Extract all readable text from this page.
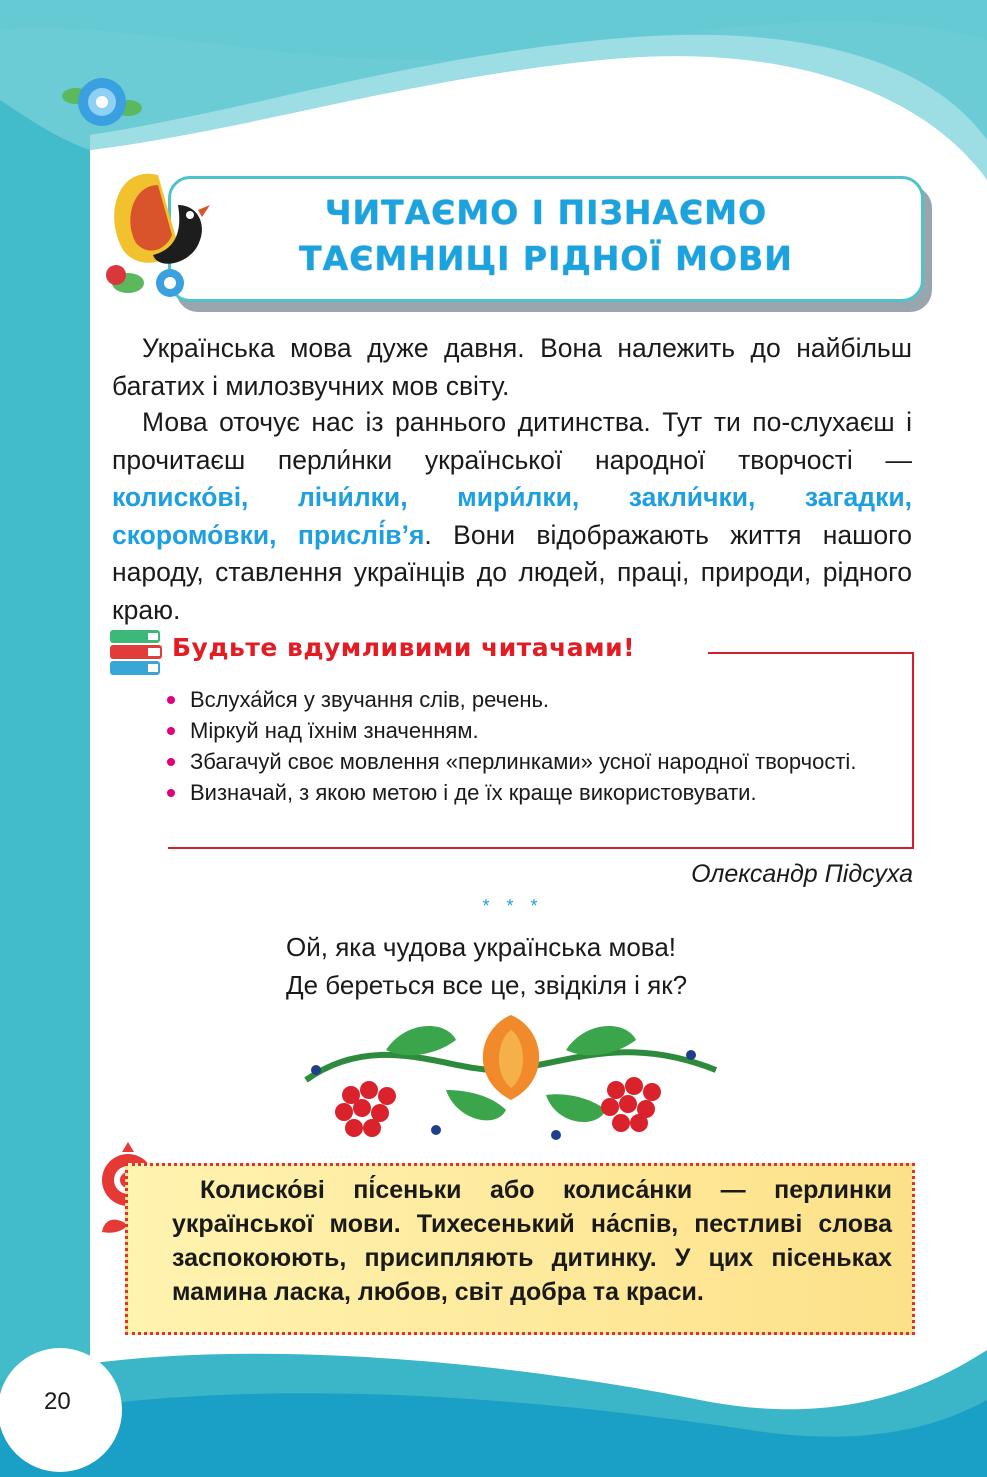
ЧИТАЄМО І ПІЗНАЄМО
ТАЄМНИЦІ РІДНОЇ МОВИ

Українська мова дуже давня. Вона належить до найбільш багатих і милозвучних мов світу.

Мова оточує нас із раннього дитинства. Тут ти по-слухаєш і прочитаєш перли́нки української народної творчості — колиско́ві, лічи́лки, мири́лки, закли́чки, загадки, скоромо́вки, прислі́в’я. Вони відображають життя нашого народу, ставлення українців до людей, праці, природи, рідного краю.

Будьте вдумливими читачами!
Вслуха́йся у звучання слів, речень.
Міркуй над їхнім значенням.
Збагачуй своє мовлення «перлинками» усної народної творчості.
Визначай, з якою метою і де їх краще використовувати.
Олександр Підсуха
* * *
Ой, яка чудова українська мова!
Де береться все це, звідкіля і як?
Колиско́ві пі́сеньки або колиса́нки — перлинки української мови. Тихесенький на́спів, пестливі слова заспокоюють, присипляють дитинку. У цих пісеньках мамина ласка, любов, світ добра та краси.
20
